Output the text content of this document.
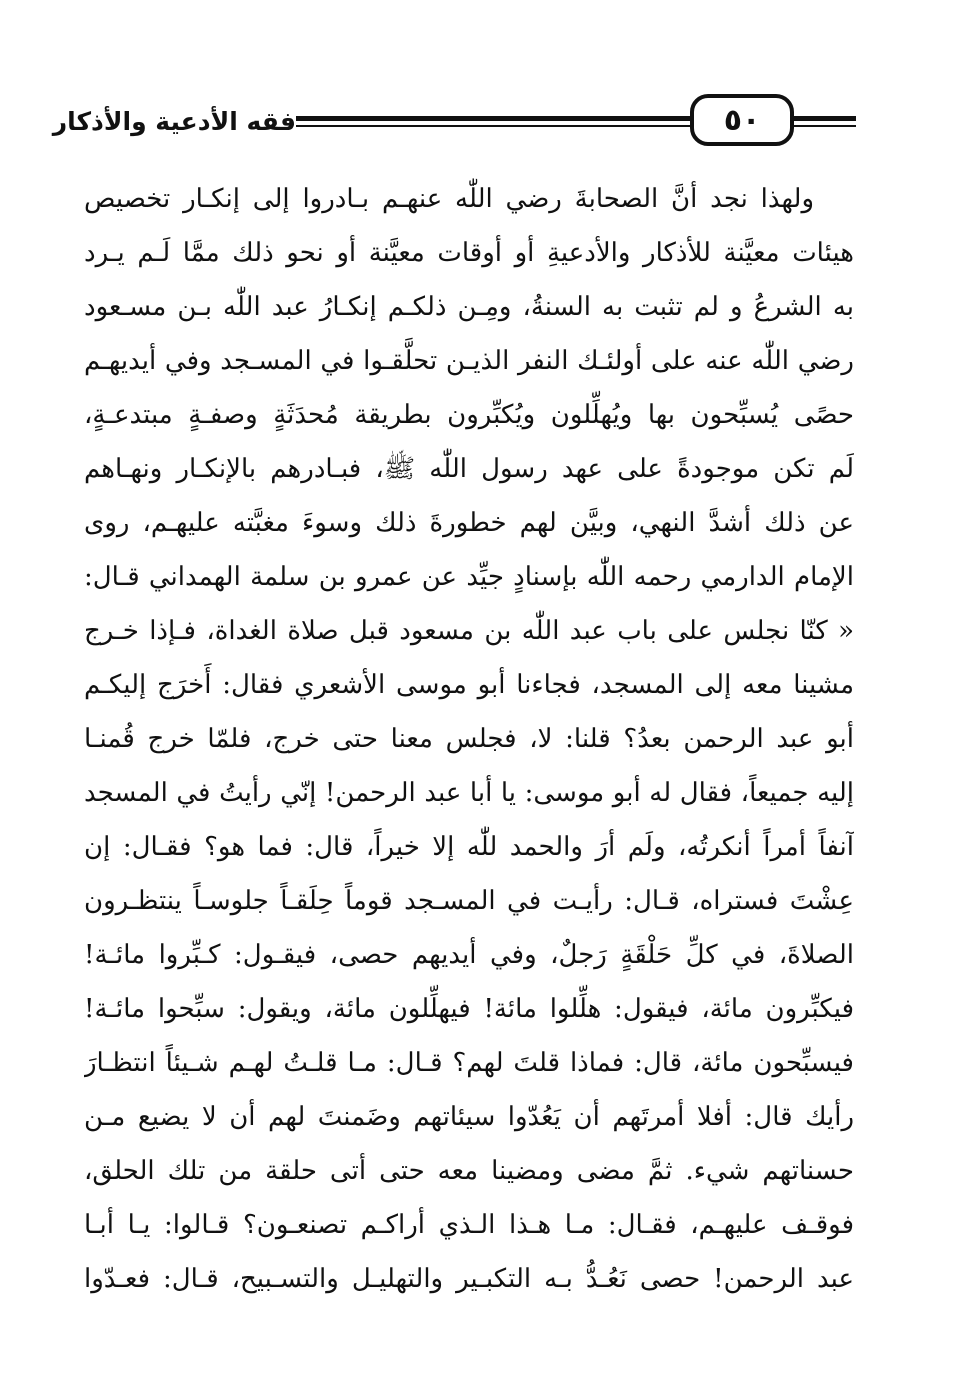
٥٠
فقه الأدعية والأذكار
ولهذا نجد أنَّ الصحابةَ رضي اللّٰه عنهـم بـادروا إلى إنكـار تخصيص
هيئات معيَّنة للأذكار والأدعيةِ أو أوقات معيَّنة أو نحو ذلك ممَّا لَـم يـرد
به الشرعُ و لم تثبت به السنةُ، ومِـن ذلكـم إنكـارُ عبد اللّٰه بـن مسـعود
رضي اللّٰه عنه على أولئـك النفر الذيـن تحلَّقـوا في المسـجد وفي أيديهـم
حصًى يُسبِّحون بها ويُهلِّلون ويُكبِّرون بطريقة مُحدَثَةٍ وصفـةٍ مبتدعـةٍ،
لَم تكن موجودةً على عهد رسول اللّٰه ﷺ، فبـادرهم بالإنكـار ونهـاهم
عن ذلك أشدَّ النهي، وبيَّن لهم خطورةَ ذلك وسوءَ مغبَّته عليهـم، روى
الإمام الدارمي رحمه اللّٰه بإسنادٍ جيِّد عن عمرو بن سلمة الهمداني قـال:
« كنّا نجلس على باب عبد اللّٰه بن مسعود قبل صلاة الغداة، فـإذا خـرج
مشينا معه إلى المسجد، فجاءنا أبو موسى الأشعري فقال: أَخرَج إليكـم
أبو عبد الرحمن بعدُ؟ قلنا: لا، فجلس معنا حتى خرج، فلمّا خرج قُمنـا
إليه جميعاً، فقال له أبو موسى: يا أبا عبد الرحمن! إنّي رأيتُ في المسجد
آنفاً أمراً أنكرتُه، ولَم أرَ والحمد للّٰه إلا خيراً، قال: فما هو؟ فقـال: إن
عِشْتَ فستراه، قـال: رأيـت في المسـجد قوماً حِلَقـاً جلوسـاً ينتظـرون
الصلاةَ، في كلِّ حَلْقَةٍ رَجلٌ، وفي أيديهم حصى، فيقـول: كـبِّروا مائـة!
فيكبِّرون مائة، فيقول: هلِّلوا مائة! فيهلِّلون مائة، ويقول: سبِّحوا مائـة!
فيسبِّحون مائة، قال: فماذا قلتَ لهم؟ قـال: مـا قلـتُ لهـم شـيئاً انتظـارَ
رأيك قال: أفلا أمرتَهم أن يَعُدّوا سيئاتهم وضَمنتَ لهم أن لا يضيع مـن
حسناتهم شيء. ثمَّ مضى ومضينا معه حتى أتى حلقة من تلك الحلق،
فوقـف عليهـم، فقـال: مـا هـذا الـذي أراكـم تصنعـون؟ قـالوا: يـا أبـا
عبد الرحمن! حصى نَعُـدُّ بـه التكبـير والتهليـل والتسـبيح، قـال: فعـدّوا
